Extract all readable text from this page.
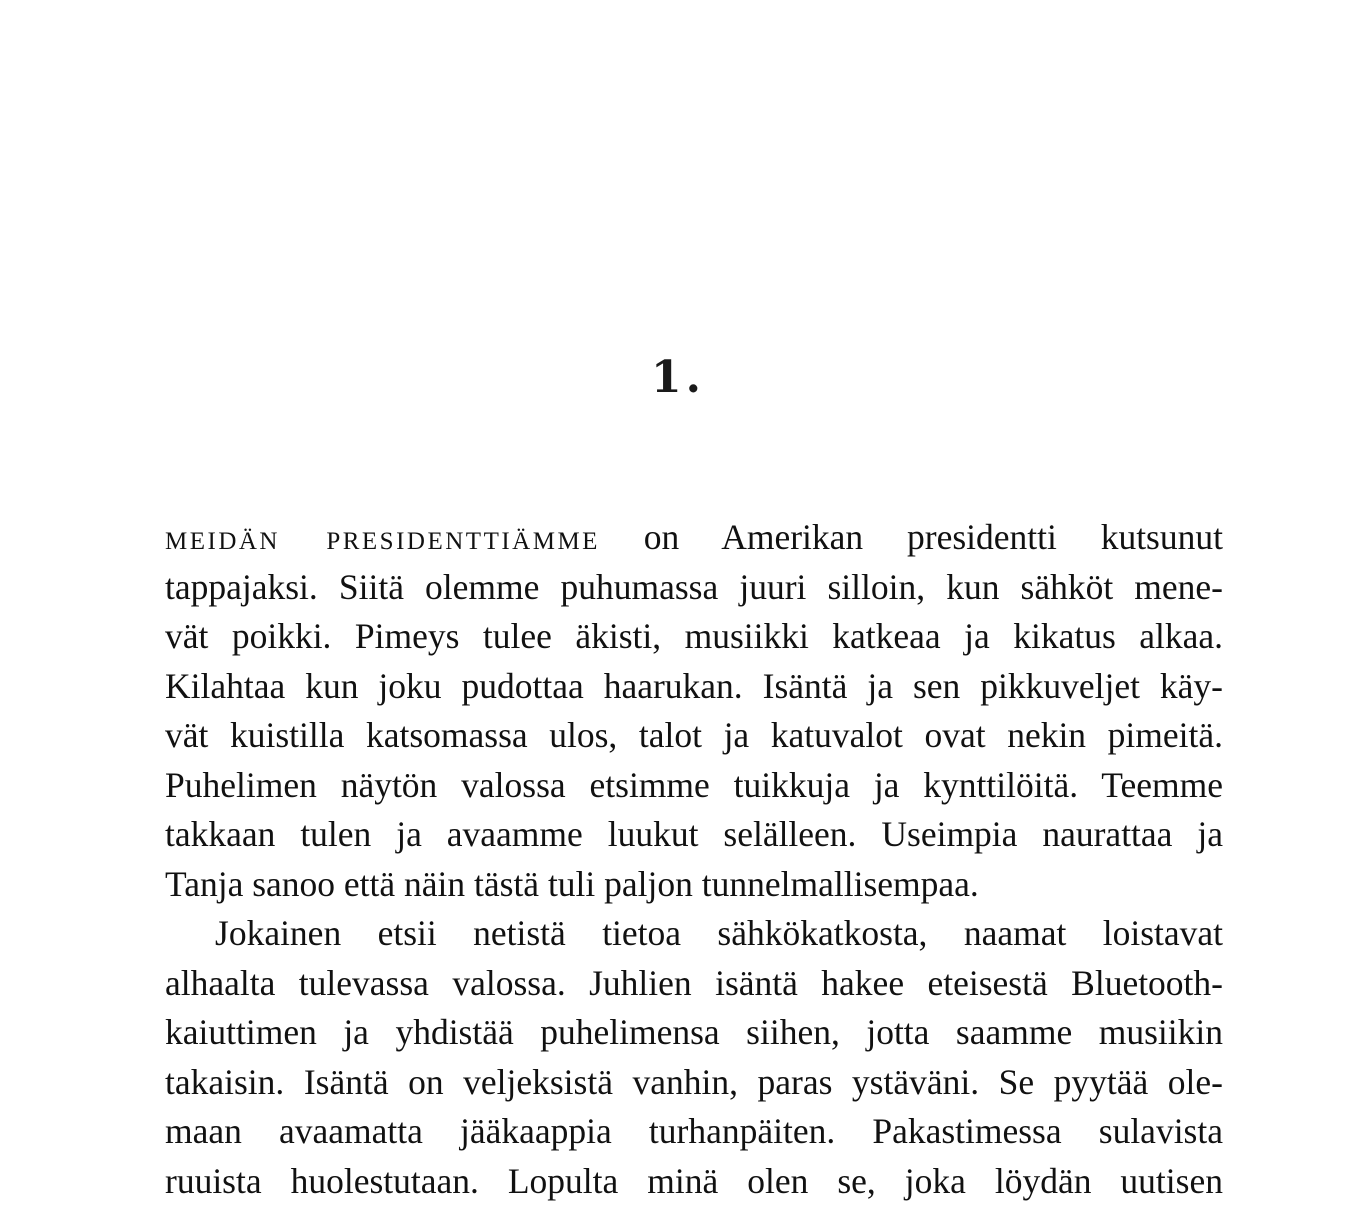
1.
meidän presidenttiämme on Amerikan presidentti kutsunut
tappajaksi. Siitä olemme puhumassa juuri silloin, kun sähköt mene-
vät poikki. Pimeys tulee äkisti, musiikki katkeaa ja kikatus alkaa.
Kilahtaa kun joku pudottaa haarukan. Isäntä ja sen pikkuveljet käy-
vät kuistilla katsomassa ulos, talot ja katuvalot ovat nekin pimeitä.
Puhelimen näytön valossa etsimme tuikkuja ja kynttilöitä. Teemme
takkaan tulen ja avaamme luukut selälleen. Useimpia naurattaa ja
Tanja sanoo että näin tästä tuli paljon tunnelmallisempaa.
Jokainen etsii netistä tietoa sähkökatkosta, naamat loistavat
alhaalta tulevassa valossa. Juhlien isäntä hakee eteisestä Bluetooth-
kaiuttimen ja yhdistää puhelimensa siihen, jotta saamme musiikin
takaisin. Isäntä on veljeksistä vanhin, paras ystäväni. Se pyytää ole-
maan avaamatta jääkaappia turhanpäiten. Pakastimessa sulavista
ruuista huolestutaan. Lopulta minä olen se, joka löydän uutisen
